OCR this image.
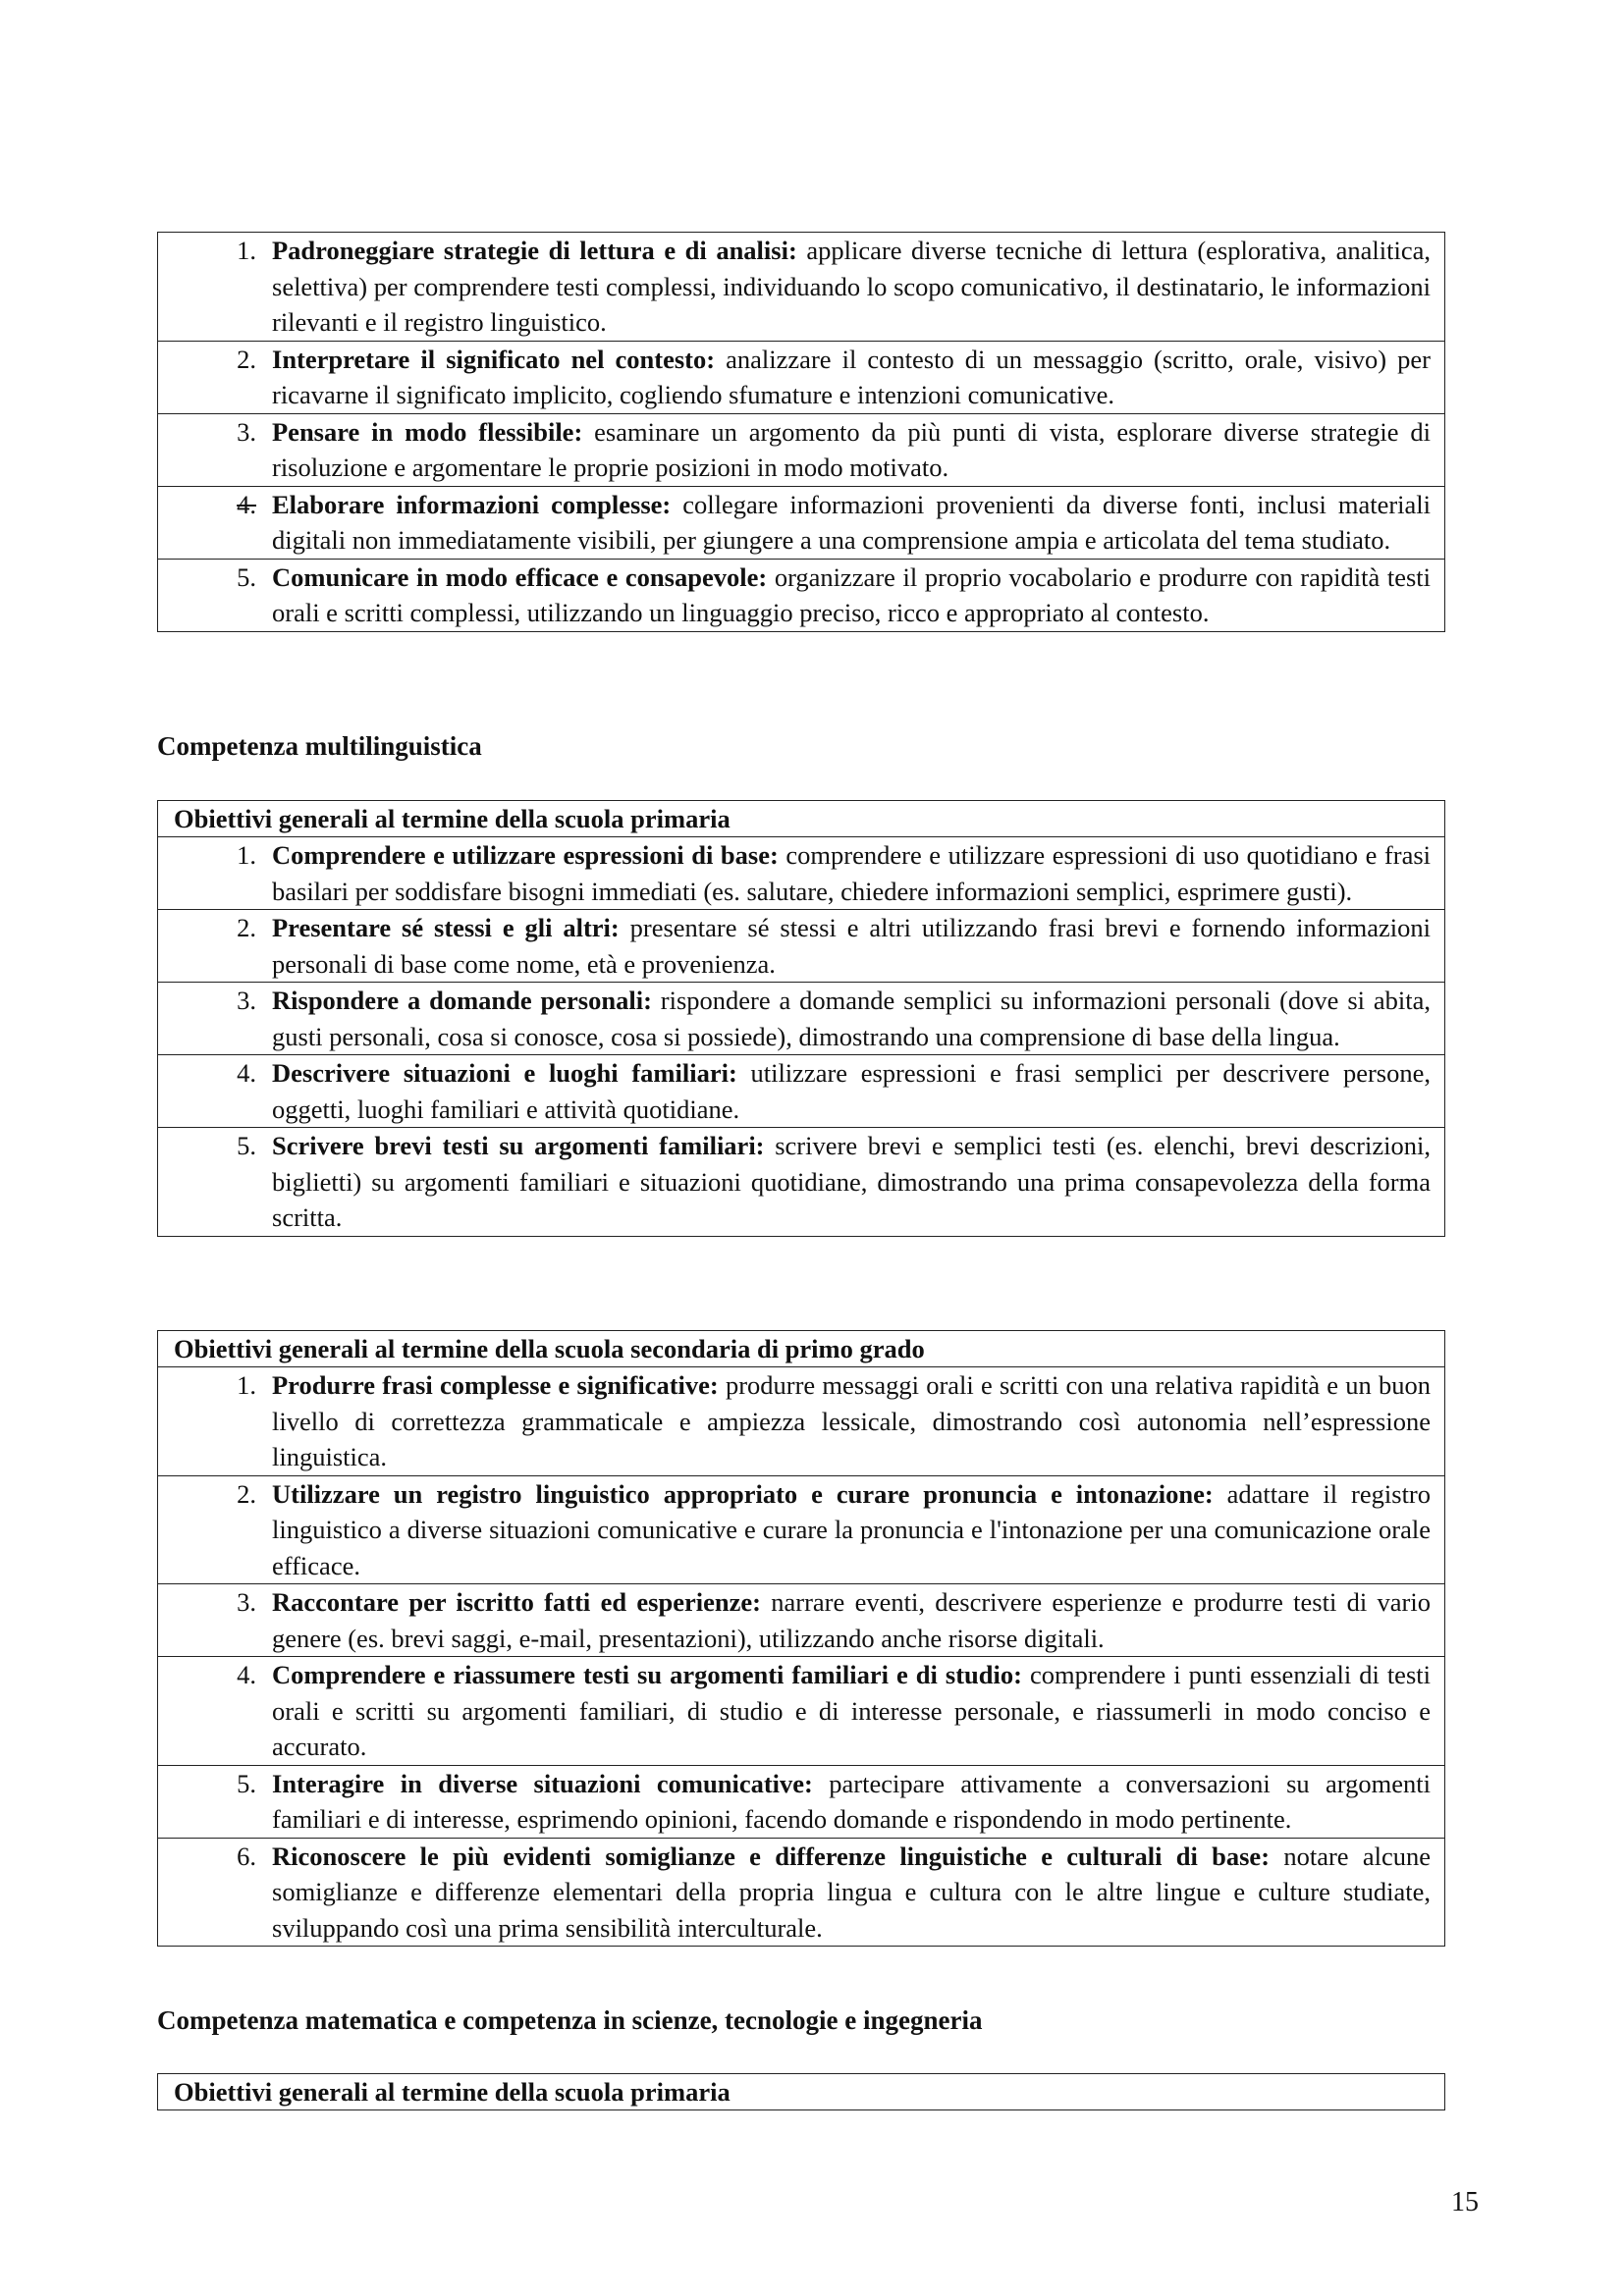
1. Padroneggiare strategie di lettura e di analisi: applicare diverse tecniche di lettura (esplorativa, analitica, selettiva) per comprendere testi complessi, individuando lo scopo comunicativo, il destinatario, le informazioni rilevanti e il registro linguistico.
2. Interpretare il significato nel contesto: analizzare il contesto di un messaggio (scritto, orale, visivo) per ricavarne il significato implicito, cogliendo sfumature e intenzioni comunicative.
3. Pensare in modo flessibile: esaminare un argomento da più punti di vista, esplorare diverse strategie di risoluzione e argomentare le proprie posizioni in modo motivato.
4. Elaborare informazioni complesse: collegare informazioni provenienti da diverse fonti, inclusi materiali digitali non immediatamente visibili, per giungere a una comprensione ampia e articolata del tema studiato.
5. Comunicare in modo efficace e consapevole: organizzare il proprio vocabolario e produrre con rapidità testi orali e scritti complessi, utilizzando un linguaggio preciso, ricco e appropriato al contesto.
Competenza multilinguistica
Obiettivi generali al termine della scuola primaria
1. Comprendere e utilizzare espressioni di base: comprendere e utilizzare espressioni di uso quotidiano e frasi basilari per soddisfare bisogni immediati (es. salutare, chiedere informazioni semplici, esprimere gusti).
2. Presentare sé stessi e gli altri: presentare sé stessi e altri utilizzando frasi brevi e fornendo informazioni personali di base come nome, età e provenienza.
3. Rispondere a domande personali: rispondere a domande semplici su informazioni personali (dove si abita, gusti personali, cosa si conosce, cosa si possiede), dimostrando una comprensione di base della lingua.
4. Descrivere situazioni e luoghi familiari: utilizzare espressioni e frasi semplici per descrivere persone, oggetti, luoghi familiari e attività quotidiane.
5. Scrivere brevi testi su argomenti familiari: scrivere brevi e semplici testi (es. elenchi, brevi descrizioni, biglietti) su argomenti familiari e situazioni quotidiane, dimostrando una prima consapevolezza della forma scritta.
Obiettivi generali al termine della scuola secondaria di primo grado
1. Produrre frasi complesse e significative: produrre messaggi orali e scritti con una relativa rapidità e un buon livello di correttezza grammaticale e ampiezza lessicale, dimostrando così autonomia nell’espressione linguistica.
2. Utilizzare un registro linguistico appropriato e curare pronuncia e intonazione: adattare il registro linguistico a diverse situazioni comunicative e curare la pronuncia e l'intonazione per una comunicazione orale efficace.
3. Raccontare per iscritto fatti ed esperienze: narrare eventi, descrivere esperienze e produrre testi di vario genere (es. brevi saggi, e-mail, presentazioni), utilizzando anche risorse digitali.
4. Comprendere e riassumere testi su argomenti familiari e di studio: comprendere i punti essenziali di testi orali e scritti su argomenti familiari, di studio e di interesse personale, e riassumerli in modo conciso e accurato.
5. Interagire in diverse situazioni comunicative: partecipare attivamente a conversazioni su argomenti familiari e di interesse, esprimendo opinioni, facendo domande e rispondendo in modo pertinente.
6. Riconoscere le più evidenti somiglianze e differenze linguistiche e culturali di base: notare alcune somiglianze e differenze elementari della propria lingua e cultura con le altre lingue e culture studiate, sviluppando così una prima sensibilità interculturale.
Competenza matematica e competenza in scienze, tecnologie e ingegneria
Obiettivi generali al termine della scuola primaria
15
